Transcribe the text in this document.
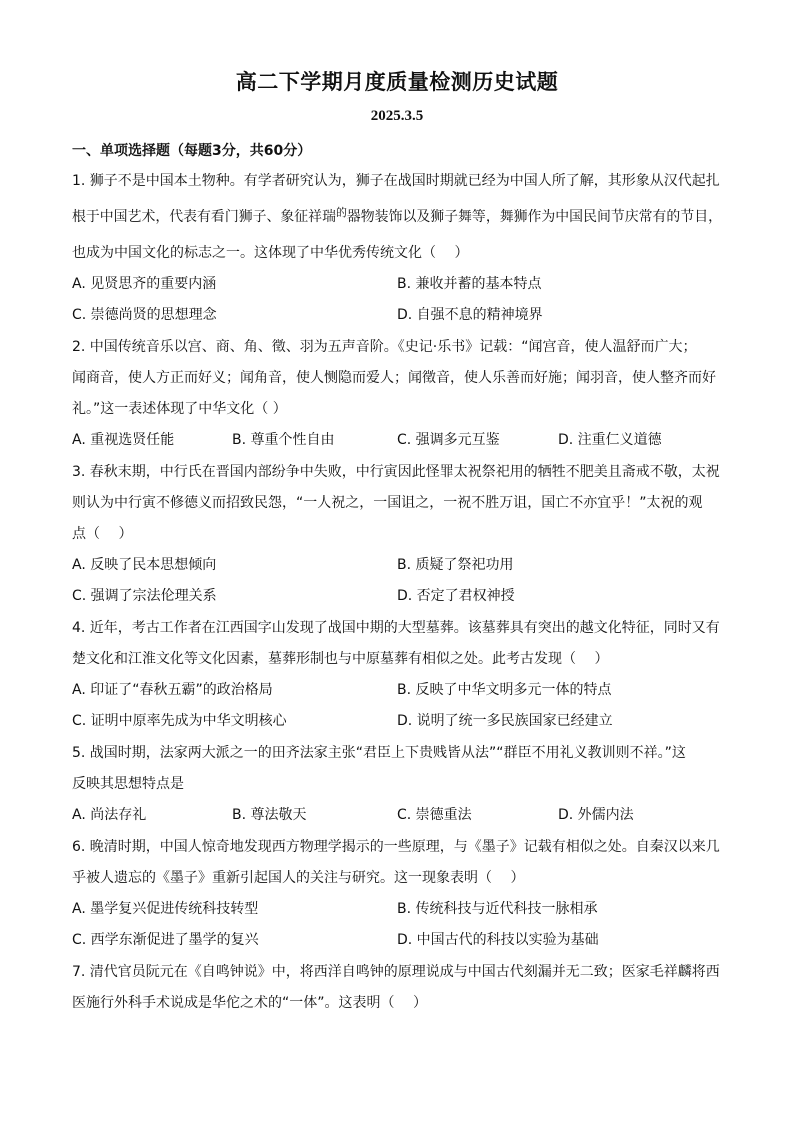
高二下学期月度质量检测历史试题
2025.3.5
一、单项选择题（每题3分，共60分）
1. 狮子不是中国本土物种。有学者研究认为，狮子在战国时期就已经为中国人所了解，其形象从汉代起扎
根于中国艺术，代表有看门狮子、象征祥瑞$^的$器物装饰以及狮子舞等，舞狮作为中国民间节庆常有的节目，
也成为中国文化的标志之一。这体现了中华优秀传统文化（　 ）
A. 见贤思齐的重要内涵	B. 兼收并蓄的基本特点
C. 崇德尚贤的思想理念	D. 自强不息的精神境界
2. 中国传统音乐以宫、商、角、徵、羽为五声音阶。《史记·乐书》记载：“闻宫音，使人温舒而广大；
闻商音，使人方正而好义；闻角音，使人恻隐而爱人；闻徵音，使人乐善而好施；闻羽音，使人整齐而好
礼。”这一表述体现了中华文化（ ）
A. 重视选贤任能	B. 尊重个性自由	C. 强调多元互鉴	D. 注重仁义道德
3. 春秋末期，中行氏在晋国内部纷争中失败，中行寅因此怪罪太祝祭祀用的牺牲不肥美且斋戒不敬，太祝
则认为中行寅不修德义而招致民怨，“一人祝之，一国诅之，一祝不胜万诅，国亡不亦宜乎！”太祝的观
点（　 ）
A. 反映了民本思想倾向	B. 质疑了祭祀功用
C. 强调了宗法伦理关系	D. 否定了君权神授
4. 近年，考古工作者在江西国字山发现了战国中期的大型墓葬。该墓葬具有突出的越文化特征，同时又有
楚文化和江淮文化等文化因素，墓葬形制也与中原墓葬有相似之处。此考古发现（　 ）
A. 印证了“春秋五霸”的政治格局	B. 反映了中华文明多元一体的特点
C. 证明中原率先成为中华文明核心	D. 说明了统一多民族国家已经建立
5. 战国时期，法家两大派之一的田齐法家主张“君臣上下贵贱皆从法”“群臣不用礼义教训则不祥。”这
反映其思想特点是
A. 尚法存礼	B. 尊法敬天	C. 崇德重法	D. 外儒内法
6. 晚清时期，中国人惊奇地发现西方物理学揭示的一些原理，与《墨子》记载有相似之处。自秦汉以来几
乎被人遗忘的《墨子》重新引起国人的关注与研究。这一现象表明（　 ）
A. 墨学复兴促进传统科技转型	B. 传统科技与近代科技一脉相承
C. 西学东渐促进了墨学的复兴	D. 中国古代的科技以实验为基础
7. 清代官员阮元在《自鸣钟说》中，将西洋自鸣钟的原理说成与中国古代刻漏并无二致；医家毛祥麟将西
医施行外科手术说成是华佗之术的“一体”。这表明（　 ）
